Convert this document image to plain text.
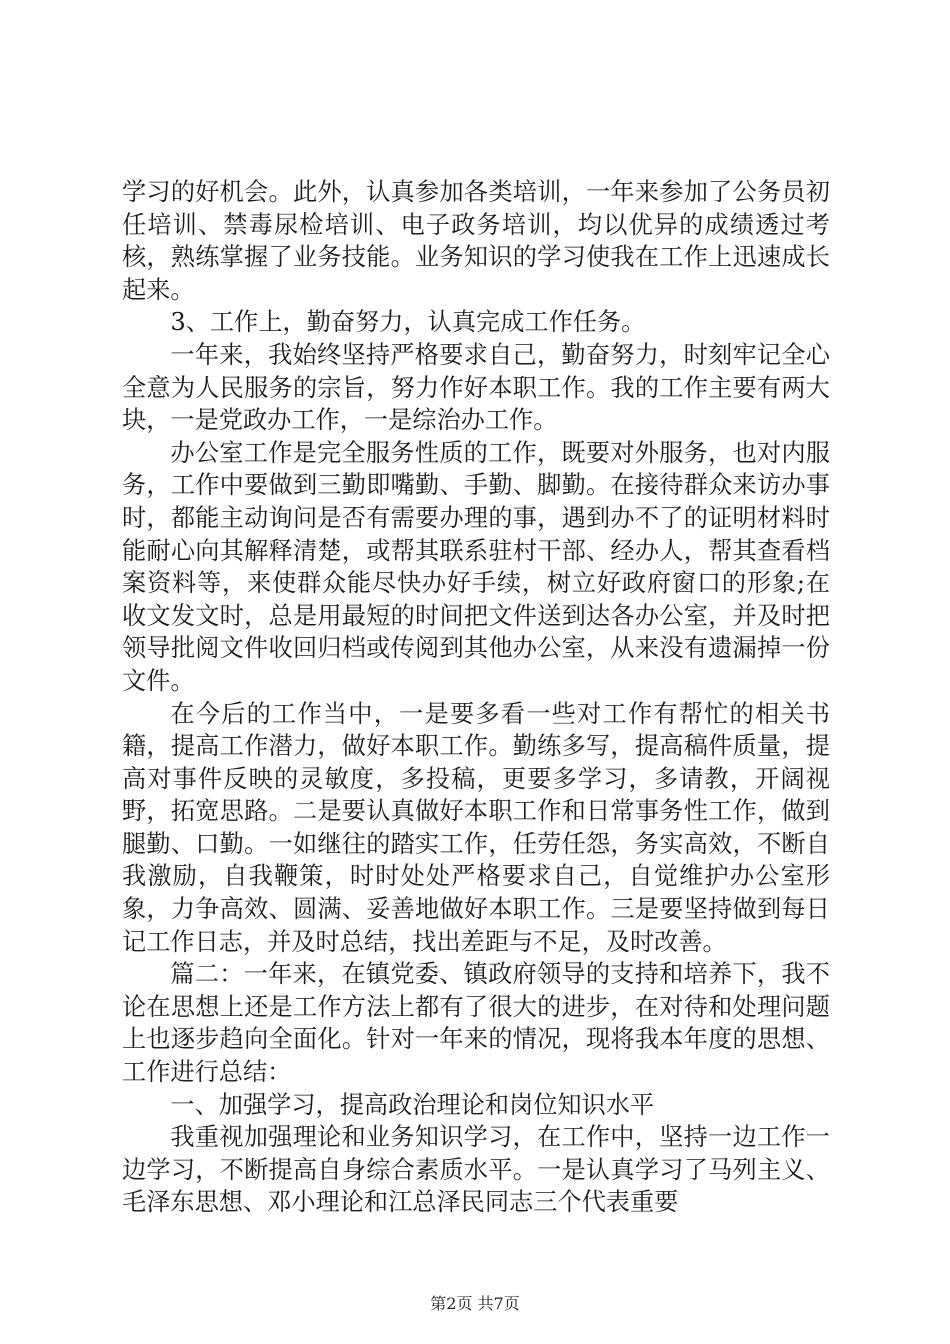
学习的好机会。此外，认真参加各类培训，一年来参加了公务员初任培训、禁毒尿检培训、电子政务培训，均以优异的成绩透过考核，熟练掌握了业务技能。业务知识的学习使我在工作上迅速成长起来。

3、工作上，勤奋努力，认真完成工作任务。

一年来，我始终坚持严格要求自己，勤奋努力，时刻牢记全心全意为人民服务的宗旨，努力作好本职工作。我的工作主要有两大块，一是党政办工作，一是综治办工作。

办公室工作是完全服务性质的工作，既要对外服务，也对内服务，工作中要做到三勤即嘴勤、手勤、脚勤。在接待群众来访办事时，都能主动询问是否有需要办理的事，遇到办不了的证明材料时能耐心向其解释清楚，或帮其联系驻村干部、经办人，帮其查看档案资料等，来使群众能尽快办好手续，树立好政府窗口的形象;在收文发文时，总是用最短的时间把文件送到达各办公室，并及时把领导批阅文件收回归档或传阅到其他办公室，从来没有遗漏掉一份文件。

在今后的工作当中，一是要多看一些对工作有帮忙的相关书籍，提高工作潜力，做好本职工作。勤练多写，提高稿件质量，提高对事件反映的灵敏度，多投稿，更要多学习，多请教，开阔视野，拓宽思路。二是要认真做好本职工作和日常事务性工作，做到腿勤、口勤。一如继往的踏实工作，任劳任怨，务实高效，不断自我激励，自我鞭策，时时处处严格要求自己，自觉维护办公室形象，力争高效、圆满、妥善地做好本职工作。三是要坚持做到每日记工作日志，并及时总结，找出差距与不足，及时改善。

篇二：一年来，在镇党委、镇政府领导的支持和培养下，我不论在思想上还是工作方法上都有了很大的进步，在对待和处理问题上也逐步趋向全面化。针对一年来的情况，现将我本年度的思想、工作进行总结：

一、加强学习，提高政治理论和岗位知识水平

我重视加强理论和业务知识学习，在工作中，坚持一边工作一边学习，不断提高自身综合素质水平。一是认真学习了马列主义、毛泽东思想、邓小理论和江总泽民同志三个代表重要

第2页 共7页
